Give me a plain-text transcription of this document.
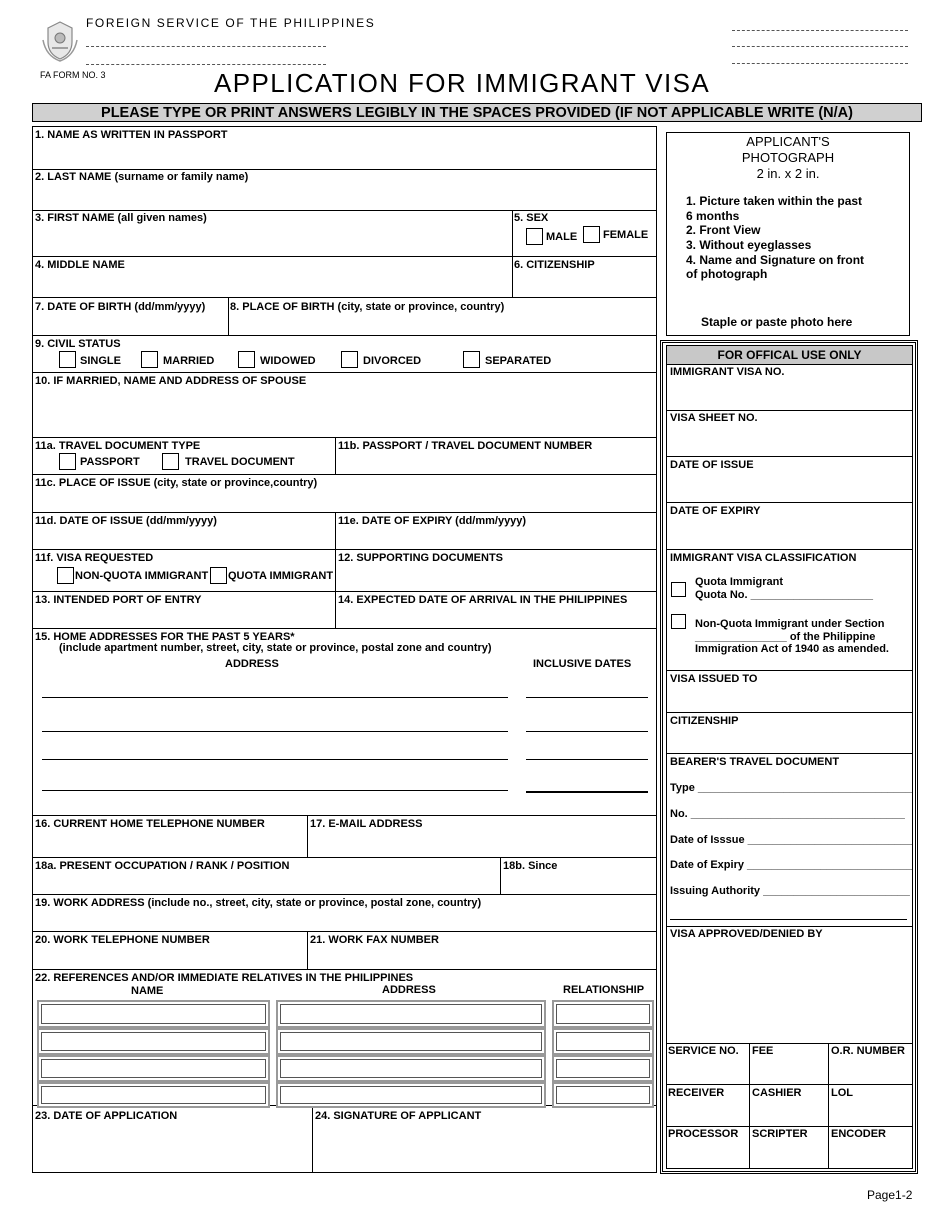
FOREIGN SERVICE OF THE PHILIPPINES
FA FORM NO. 3	APPLICATION FOR IMMIGRANT VISA
PLEASE TYPE OR PRINT ANSWERS LEGIBLY IN THE SPACES PROVIDED (IF NOT APPLICABLE WRITE (N/A)
1. NAME AS WRITTEN IN PASSPORT
2. LAST NAME (surname or family name)
3. FIRST NAME (all given names)	5. SEX
MALE FEMALE
4. MIDDLE NAME	6. CITIZENSHIP
7. DATE OF BIRTH (dd/mm/yyyy) 8. PLACE OF BIRTH (city, state or province, country)
9. CIVIL STATUS
SINGLE	MARRIED	WIDOWED	DIVORCED	SEPARATED
10. IF MARRIED, NAME AND ADDRESS OF SPOUSE
11a. TRAVEL DOCUMENT TYPE
PASSPORT	TRAVEL DOCUMENT
11b. PASSPORT / TRAVEL DOCUMENT NUMBER
11c. PLACE OF ISSUE (city, state or province,country)
11d. DATE OF ISSUE (dd/mm/yyyy)	11e. DATE OF EXPIRY (dd/mm/yyyy)
11f. VISA REQUESTED
NON-QUOTA IMMIGRANT QUOTA IMMIGRANT
12. SUPPORTING DOCUMENTS
13. INTENDED PORT OF ENTRY	14. EXPECTED DATE OF ARRIVAL IN THE PHILIPPINES
15. HOME ADDRESSES FOR THE PAST 5 YEARS*
(include apartment number, street, city, state or province, postal zone and country)
ADDRESS	INCLUSIVE DATES
16. CURRENT HOME TELEPHONE NUMBER	17. E-MAIL ADDRESS
18a. PRESENT OCCUPATION / RANK / POSITION	18b. Since
19. WORK ADDRESS (include no., street, city, state or province, postal zone, country)
20. WORK TELEPHONE NUMBER	21. WORK FAX NUMBER
22. REFERENCES AND/OR IMMEDIATE RELATIVES IN THE PHILIPPINES
NAME	ADDRESS	RELATIONSHIP
23. DATE OF APPLICATION	24. SIGNATURE OF APPLICANT
APPLICANT'S
PHOTOGRAPH
2 in. x 2 in.
1. Picture taken within the past
6 months
2. Front View
3. Without eyeglasses
4. Name and Signature on front
of photograph
Staple or paste photo here
FOR OFFICAL USE ONLY
IMMIGRANT VISA NO.
VISA SHEET NO.
DATE OF ISSUE
DATE OF EXPIRY
IMMIGRANT VISA CLASSIFICATION
Quota Immigrant
Quota No. ____________________
Non-Quota Immigrant under Section
_______________ of the Philippine
Immigration Act of 1940 as amended.
VISA ISSUED TO
CITIZENSHIP
BEARER'S TRAVEL DOCUMENT
Type ___________________________________
No. ___________________________________
Date of Isssue ___________________________
Date of Expiry ___________________________
Issuing Authority ________________________
VISA APPROVED/DENIED BY
SERVICE NO. FEE	O.R. NUMBER
RECEIVER	CASHIER	LOL
PROCESSOR SCRIPTER ENCODER
Page1-2
